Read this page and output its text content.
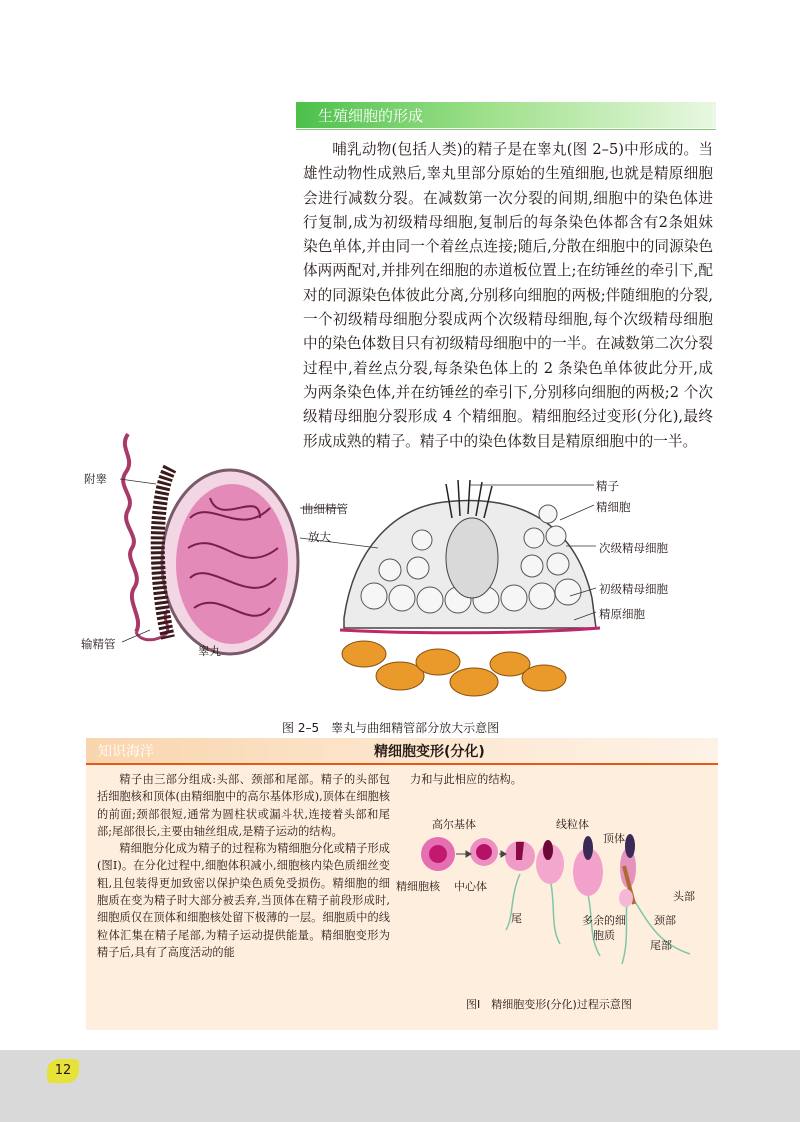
生殖细胞的形成

哺乳动物(包括人类)的精子是在睾丸(图 2–5)中形成的。当雄性动物性成熟后,睾丸里部分原始的生殖细胞,也就是精原细胞会进行减数分裂。在减数第一次分裂的间期,细胞中的染色体进行复制,成为初级精母细胞,复制后的每条染色体都含有2条姐妹染色单体,并由同一个着丝点连接;随后,分散在细胞中的同源染色体两两配对,并排列在细胞的赤道板位置上;在纺锤丝的牵引下,配对的同源染色体彼此分离,分别移向细胞的两极;伴随细胞的分裂,一个初级精母细胞分裂成两个次级精母细胞,每个次级精母细胞中的染色体数目只有初级精母细胞中的一半。在减数第二次分裂过程中,着丝点分裂,每条染色体上的 2 条染色单体彼此分开,成为两条染色体,并在纺锤丝的牵引下,分别移向细胞的两极;2 个次级精母细胞分裂形成 4 个精细胞。精细胞经过变形(分化),最终形成成熟的精子。精子中的染色体数目是精原细胞中的一半。

附睾
曲细精管
放大
输精管	睾丸
精子
精细胞
次级精母细胞
初级精母细胞
精原细胞
图 2–5　睾丸与曲细精管部分放大示意图
知识海洋	精细胞变形(分化)

精子由三部分组成:头部、颈部和尾部。精子的头部包括细胞核和顶体(由精细胞中的高尔基体形成),顶体在细胞核的前面;颈部很短,通常为圆柱状或漏斗状,连接着头部和尾部;尾部很长,主要由轴丝组成,是精子运动的结构。

精细胞分化成为精子的过程称为精细胞分化或精子形成(图Ⅰ)。在分化过程中,细胞体积减小,细胞核内染色质细丝变粗,且包装得更加致密以保护染色质免受损伤。精细胞的细胞质在变为精子时大部分被丢弃,当顶体在精子前段形成时,细胞质仅在顶体和细胞核处留下极薄的一层。细胞质中的线粒体汇集在精子尾部,为精子运动提供能量。精细胞变形为精子后,具有了高度活动的能

力和与此相应的结构。
高尔基体	线粒体
顶体
头部
精细胞核 中心体
尾	多余的细胞质
颈部
尾部
图Ⅰ　精细胞变形(分化)过程示意图
12
